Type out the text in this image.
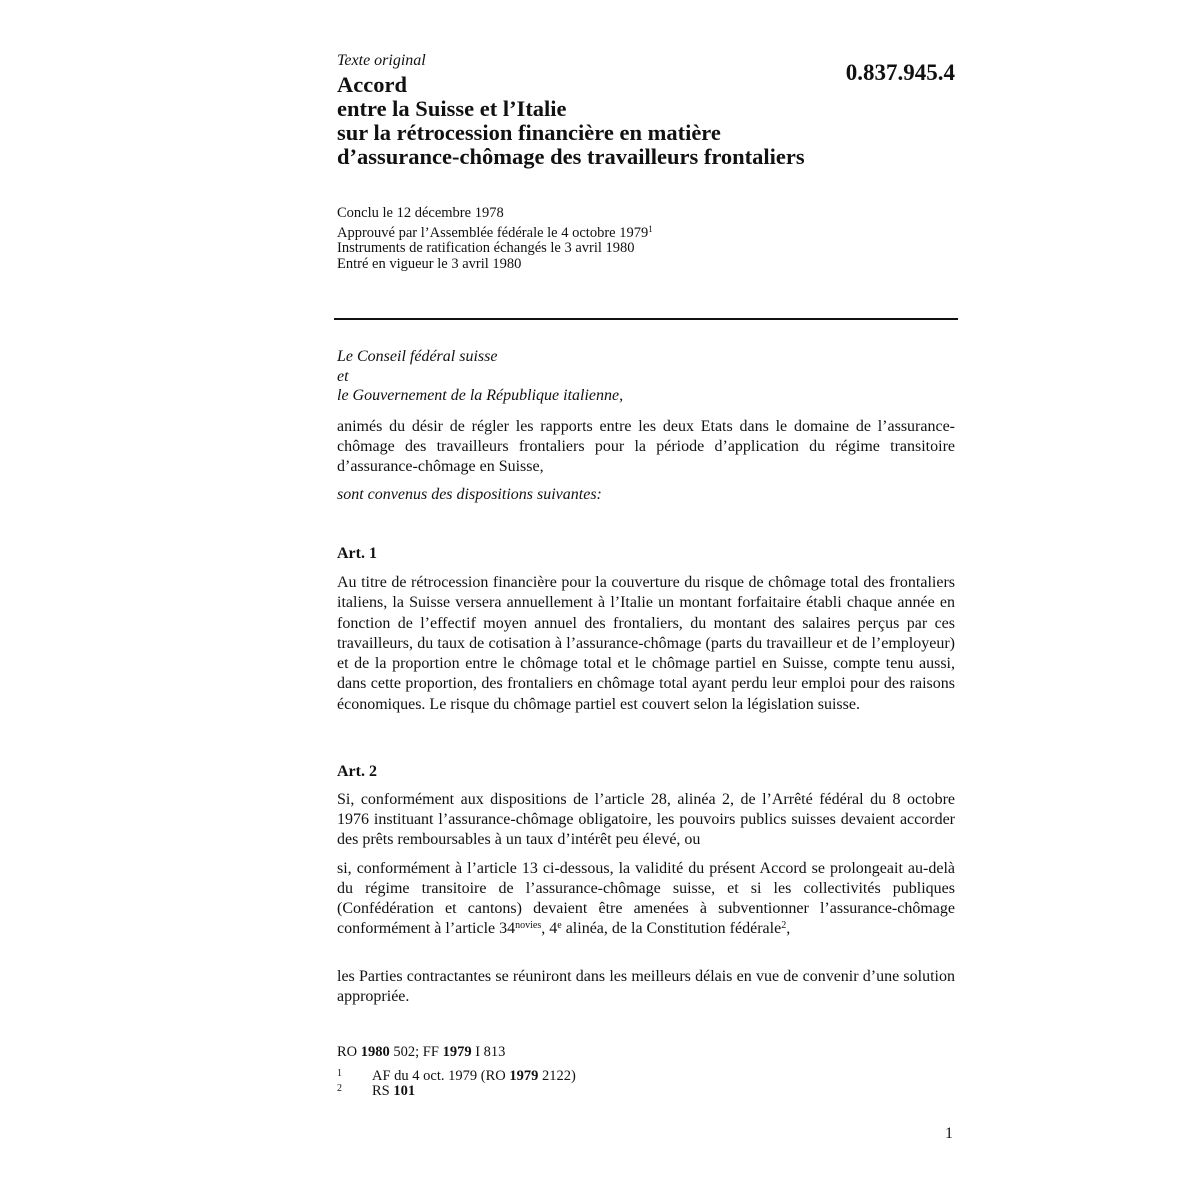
Texte original	0.837.945.4
Accord
entre la Suisse et l’Italie
sur la rétrocession financière en matière
d’assurance-chômage des travailleurs frontaliers
Conclu le 12 décembre 1978
Approuvé par l’Assemblée fédérale le 4 octobre 1979$^1$
Instruments de ratification échangés le 3 avril 1980
Entré en vigueur le 3 avril 1980
Le Conseil fédéral suisse
et
le Gouvernement de la République italienne,
animés du désir de régler les rapports entre les deux Etats dans le domaine de l’assurance-chômage des travailleurs frontaliers pour la période d’application du régime transitoire d’assurance-chômage en Suisse,
sont convenus des dispositions suivantes:
Art. 1
Au titre de rétrocession financière pour la couverture du risque de chômage total des frontaliers italiens, la Suisse versera annuellement à l’Italie un montant forfaitaire établi chaque année en fonction de l’effectif moyen annuel des frontaliers, du montant des salaires perçus par ces travailleurs, du taux de cotisation à l’assurance-chômage (parts du travailleur et de l’employeur) et de la proportion entre le chômage total et le chômage partiel en Suisse, compte tenu aussi, dans cette proportion, des frontaliers en chômage total ayant perdu leur emploi pour des raisons économiques. Le risque du chômage partiel est couvert selon la législation suisse.
Art. 2
Si, conformément aux dispositions de l’article 28, alinéa 2, de l’Arrêté fédéral du 8 octobre 1976 instituant l’assurance-chômage obligatoire, les pouvoirs publics suisses devaient accorder des prêts remboursables à un taux d’intérêt peu élevé, ou
si, conformément à l’article 13 ci-dessous, la validité du présent Accord se prolongeait au-delà du régime transitoire de l’assurance-chômage suisse, et si les collectivités publiques (Confédération et cantons) devaient être amenées à subventionner l’assurance-chômage conformément à l’article $34^{novies}$, 4e alinéa, de la Constitution fédérale$^2$,
les Parties contractantes se réuniront dans les meilleurs délais en vue de convenir d’une solution appropriée.
RO 1980 502; FF 1979 I 813
1 AF du 4 oct. 1979 (RO 1979 2122)
2 RS 101
1
